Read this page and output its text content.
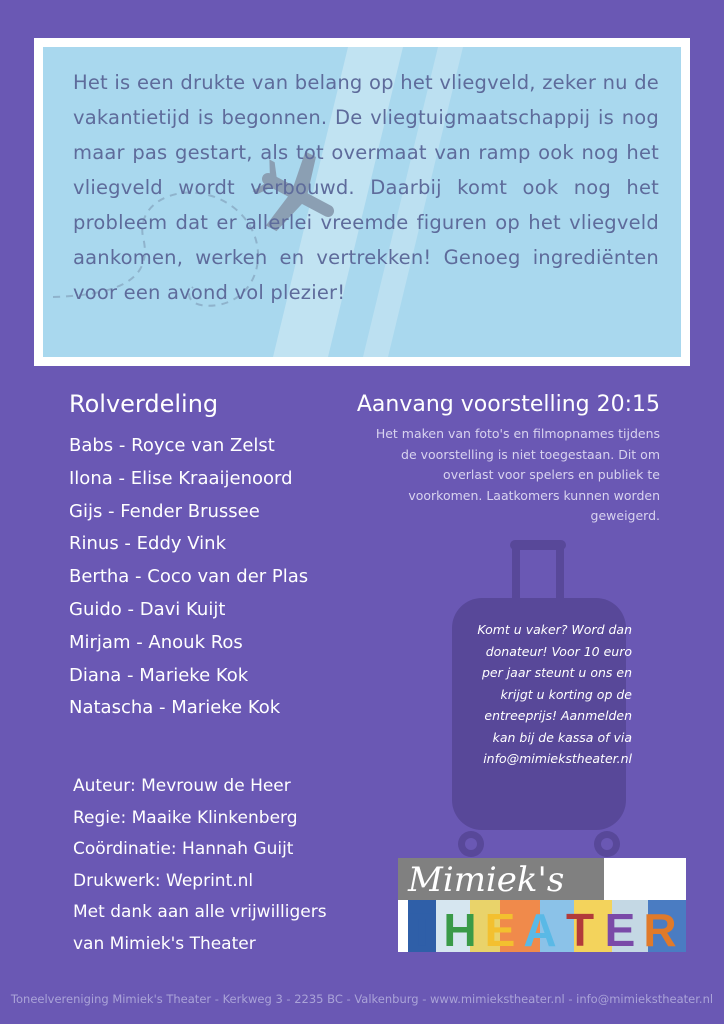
Het is een drukte van belang op het vliegveld, zeker nu de vakantietijd is begonnen. De vliegtuigmaatschappij is nog maar pas gestart, als tot overmaat van ramp ook nog het vliegveld wordt verbouwd. Daarbij komt ook nog het probleem dat er allerlei vreemde figuren op het vliegveld aankomen, werken en vertrekken! Genoeg ingrediënten voor een avond vol plezier!

Rolverdeling
Babs - Royce van Zelst
Ilona - Elise Kraaijenoord
Gijs - Fender Brussee
Rinus - Eddy Vink
Bertha - Coco van der Plas
Guido - Davi Kuijt
Mirjam - Anouk Ros
Diana - Marieke Kok
Natascha - Marieke Kok
Auteur: Mevrouw de Heer
Regie: Maaike Klinkenberg
Coördinatie: Hannah Guijt
Drukwerk: Weprint.nl
Met dank aan alle vrijwilligers
van Mimiek's Theater
Aanvang voorstelling 20:15

Het maken van foto's en filmopnames tijdens de voorstelling is niet toegestaan. Dit om overlast voor spelers en publiek te voorkomen. Laatkomers kunnen worden geweigerd.

Komt u vaker? Word dan donateur! Voor 10 euro per jaar steunt u ons en krijgt u korting op de entreeprijs! Aanmelden kan bij de kassa of via info@mimiekstheater.nl

Mimiek's
T H E A T E R

Toneelvereniging Mimiek's Theater - Kerkweg 3 - 2235 BC - Valkenburg - www.mimiekstheater.nl - info@mimiekstheater.nl
